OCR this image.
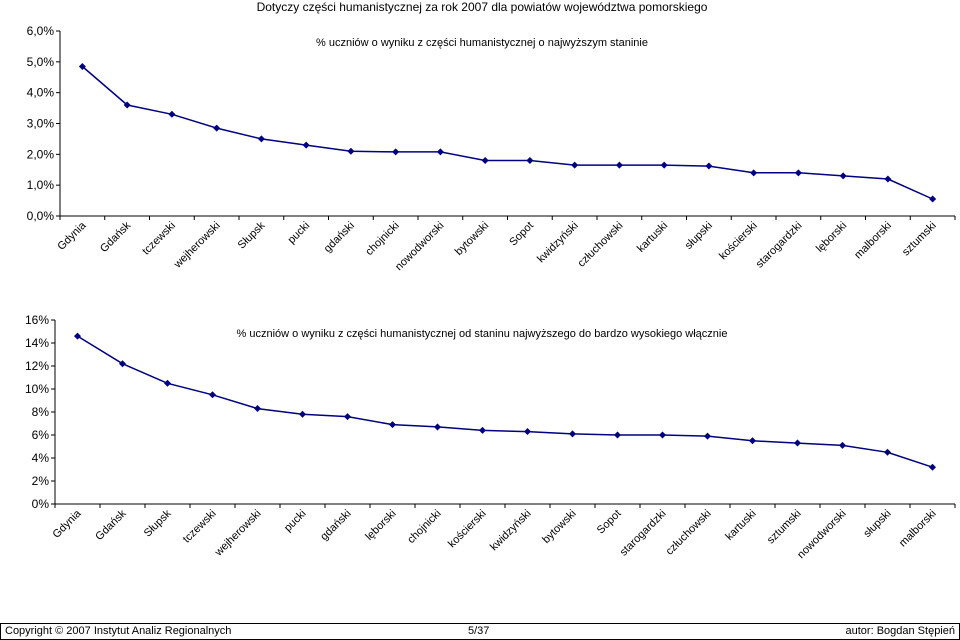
Dotyczy części humanistycznej za rok 2007 dla powiatów województwa pomorskiego
% uczniów o wyniku z części humanistycznej o najwyższym staninie
0,0%
1,0%
2,0%
3,0%
4,0%
5,0%
6,0%
Gdynia Gdańsk tczewski
wejherowski Słupsk pucki gdański chojnicki
nowodworski bytowski Sopot kwidzyński
człuchowski kartuski słupski kościerski
starogardzki lęborski malborski sztumski
% uczniów o wyniku z części humanistycznej od staninu najwyższego do bardzo wysokiego włącznie
0%
2%
4%
6%
8%
10%
12%
14%
16%
Gdynia Gdańsk Słupsk tczewski
wejherowski pucki gdański lęborski chojnicki kościerski kwidzyński bytowski Sopot
starogardzki
człuchowski kartuski sztumski
nowodworski słupski malborski
Copyright © 2007 Instytut Analiz Regionalnych	5/37	autor: Bogdan Stępień
